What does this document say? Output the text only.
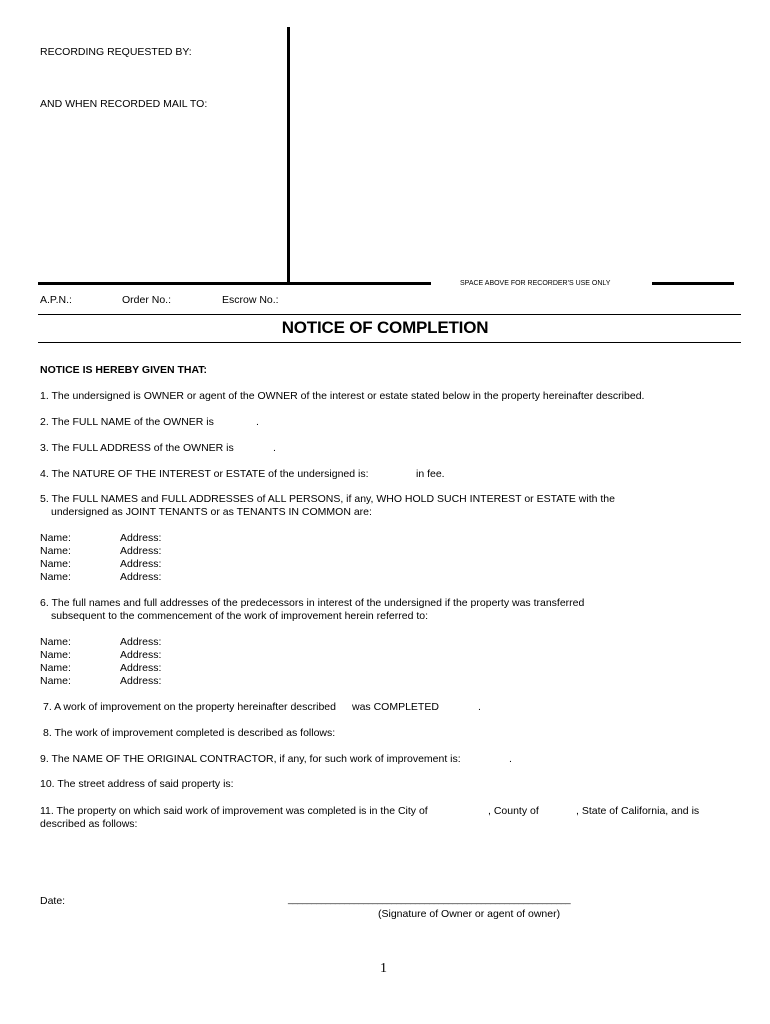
RECORDING REQUESTED BY:
AND WHEN RECORDED MAIL TO:
SPACE ABOVE FOR RECORDER'S USE ONLY
A.P.N.:	Order No.:	Escrow No.:
NOTICE OF COMPLETION
NOTICE IS HEREBY GIVEN THAT:
1. The undersigned is OWNER or agent of the OWNER of the interest or estate stated below in the property hereinafter described.
2. The FULL NAME of the OWNER is	.
3. The FULL ADDRESS of the OWNER is	.
4. The NATURE OF THE INTEREST or ESTATE of the undersigned is:	in fee.
5. The FULL NAMES and FULL ADDRESSES of ALL PERSONS, if any, WHO HOLD SUCH INTEREST or ESTATE with the
undersigned as JOINT TENANTS or as TENANTS IN COMMON are:
Name:	Address:
Name:	Address:
Name:	Address:
Name:	Address:
6. The full names and full addresses of the predecessors in interest of the undersigned if the property was transferred
subsequent to the commencement of the work of improvement herein referred to:
Name:	Address:
Name:	Address:
Name:	Address:
Name:	Address:
7. A work of improvement on the property hereinafter described was COMPLETED	.
8. The work of improvement completed is described as follows:
9. The NAME OF THE ORIGINAL CONTRACTOR, if any, for such work of improvement is:	.
10. The street address of said property is:
11. The property on which said work of improvement was completed is in the City of	, County of	, State of California, and is
described as follows:
Date:	____________________________________________________________
(Signature of Owner or agent of owner)
1
